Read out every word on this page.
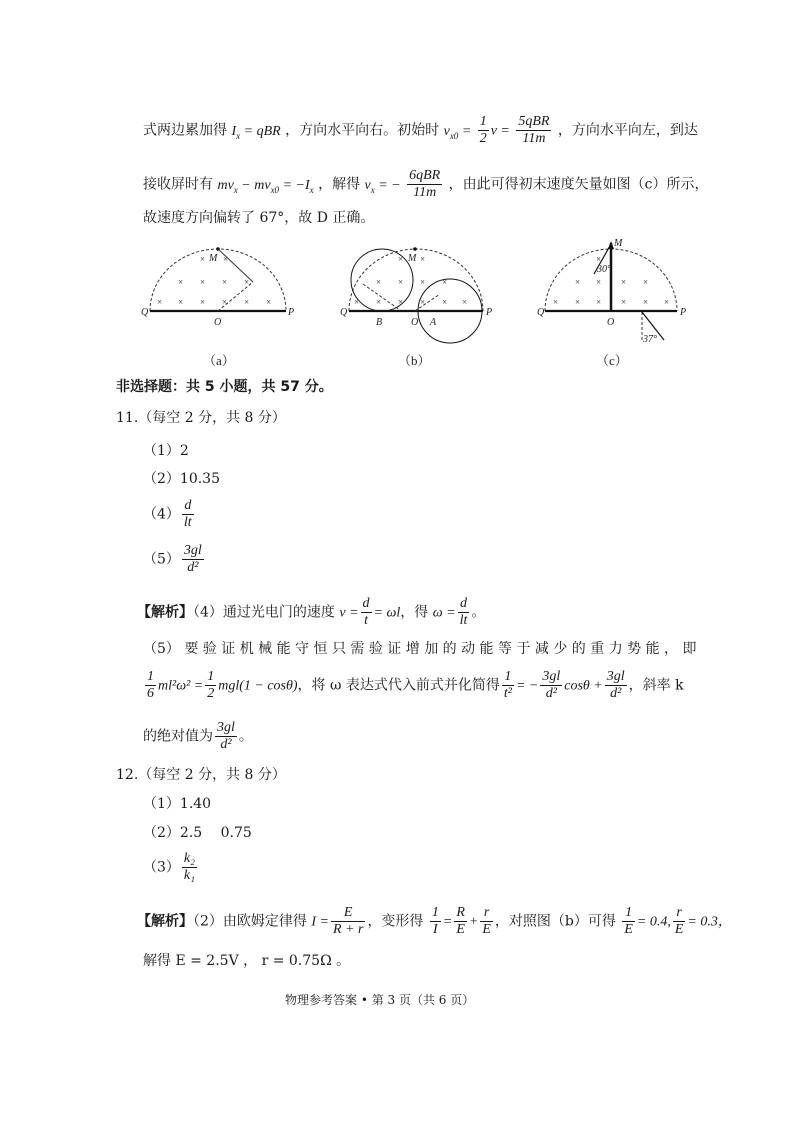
式两边累加得 $I_x$ = qBR ，方向水平向右。初始时 $v_{x0} = \frac{1}{2}$ $v = \frac{\text{5qBR}}{11m}$ ，方向水平向左，到达
接收屏时有 $mv_x - mv_{x0} = -I_x$ ，解得 $v_x$ = − $\frac{\text{6qBR}}{11m}$ ，由此可得初末速度矢量如图（c）所示，
故速度方向偏转了 67°，故 D 正确。
× ×
× × × ×
× × × × × ×
Q	P
O
M
（a）
× ×
× × × ×
× × × × × ×
Q	P
O
M
B	A
（b）
× × × ×
× × × × × ×
×
Q	P
O
M
30°
37°
（c）
非选择题：共 5 小题，共 57 分。
11.（每空 2 分，共 8 分）
（1）2
（2）10.35
$(4) \frac{d}{lt}$
$(5) \frac{3gl}{\text{d²}}$
【解析】（4）通过光电门的速度 $v = \frac{d}{t} = \omega l$，得 $\omega = \frac{d}{lt}$ 。
（5） 要 验 证 机 械 能 守 恒 只 需 验 证 增 加 的 动 能 等 于 减 少 的 重 力 势 能 ， 即
$\frac{1}{6} ml^2\omega^2 = \frac{1}{2} mgl(1 - \cos\theta)$，将 ω 表达式代入前式并化简得 $\frac{1}{\text{t²}}$ = − $\frac{3gl}{\text{d²}}$ $\cos\theta + \frac{3gl}{\text{d²}}$ ，斜率 k
的绝对值为 $\frac{3gl}{\text{d²}}$ 。
12.（每空 2 分，共 8 分）
（1）1.40
（2）2.5　 0.75
$(3) \frac{\text{k₂}}{\text{k₁}}$
【解析】（2）由欧姆定律得 $I = \frac{E}{R + r}$ ，变形得 $\frac{1}{I} = \frac{R}{E} + \frac{r}{E}$ ，对照图（b）可得 $\frac{1}{E} = 0.4$, $\frac{r}{E} = 0.3$，
解得 E = 2.5V ， r = 0.75Ω 。
物理参考答案 • 第 3 页（共 6 页）
